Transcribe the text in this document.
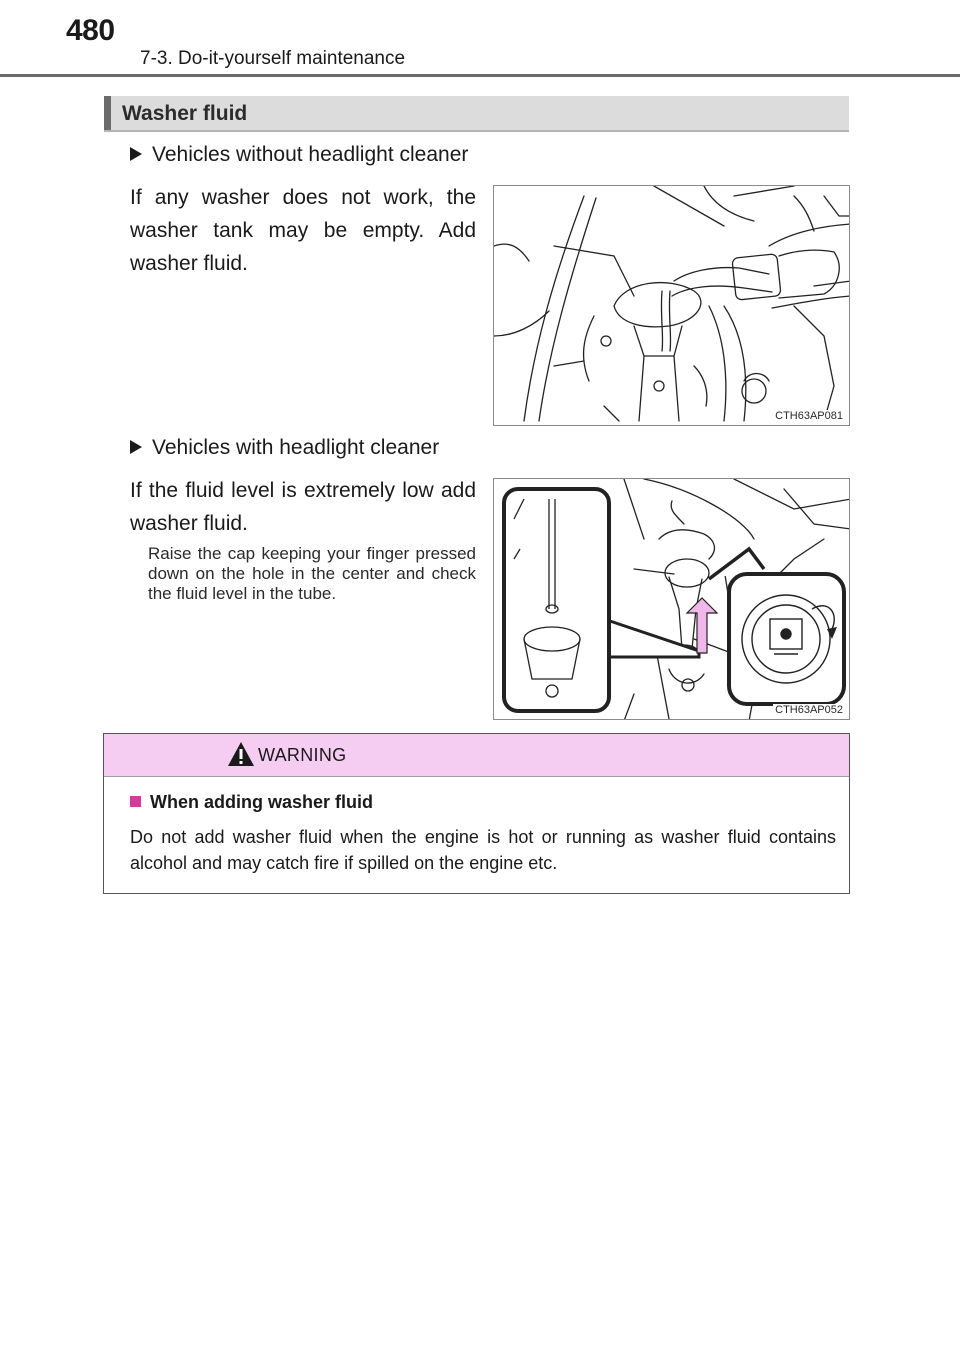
480
7-3. Do-it-yourself maintenance
Washer fluid
Vehicles without headlight cleaner
If any washer does not work, the washer tank may be empty. Add washer fluid.
CTH63AP081
Vehicles with headlight cleaner
If the fluid level is extremely low add washer fluid.
Raise the cap keeping your finger pressed down on the hole in the center and check the fluid level in the tube.
CTH63AP052
WARNING
When adding washer fluid
Do not add washer fluid when the engine is hot or running as washer fluid contains alcohol and may catch fire if spilled on the engine etc.
